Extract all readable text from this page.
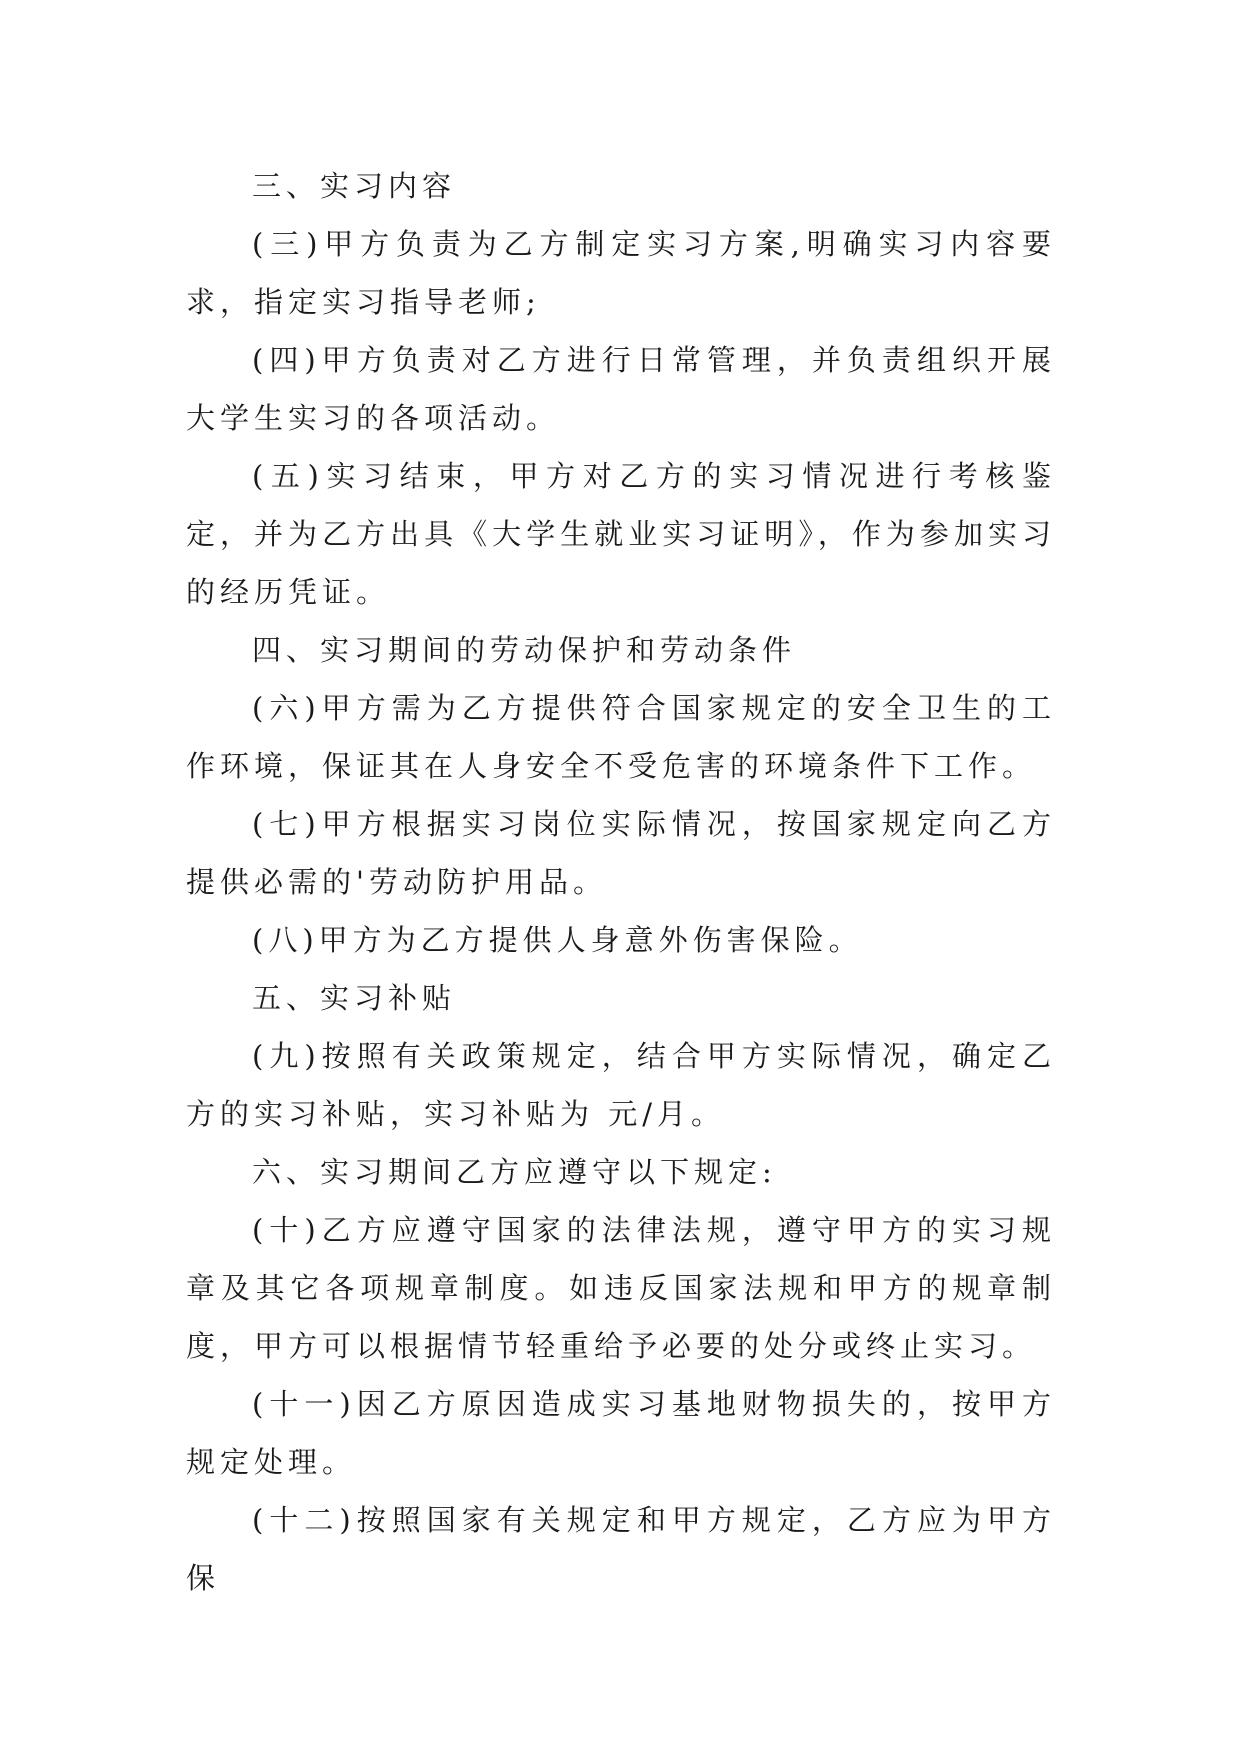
三、实习内容

(三)甲方负责为乙方制定实习方案,明确实习内容要求，指定实习指导老师;

(四)甲方负责对乙方进行日常管理，并负责组织开展大学生实习的各项活动。

(五)实习结束，甲方对乙方的实习情况进行考核鉴定，并为乙方出具《大学生就业实习证明》，作为参加实习的经历凭证。

四、实习期间的劳动保护和劳动条件

(六)甲方需为乙方提供符合国家规定的安全卫生的工作环境，保证其在人身安全不受危害的环境条件下工作。

(七)甲方根据实习岗位实际情况，按国家规定向乙方提供必需的'劳动防护用品。

(八)甲方为乙方提供人身意外伤害保险。

五、实习补贴

(九)按照有关政策规定，结合甲方实际情况，确定乙方的实习补贴，实习补贴为 元/月。

六、实习期间乙方应遵守以下规定:

(十)乙方应遵守国家的法律法规，遵守甲方的实习规章及其它各项规章制度。如违反国家法规和甲方的规章制度，甲方可以根据情节轻重给予必要的处分或终止实习。

(十一)因乙方原因造成实习基地财物损失的，按甲方规定处理。

(十二)按照国家有关规定和甲方规定，乙方应为甲方保
